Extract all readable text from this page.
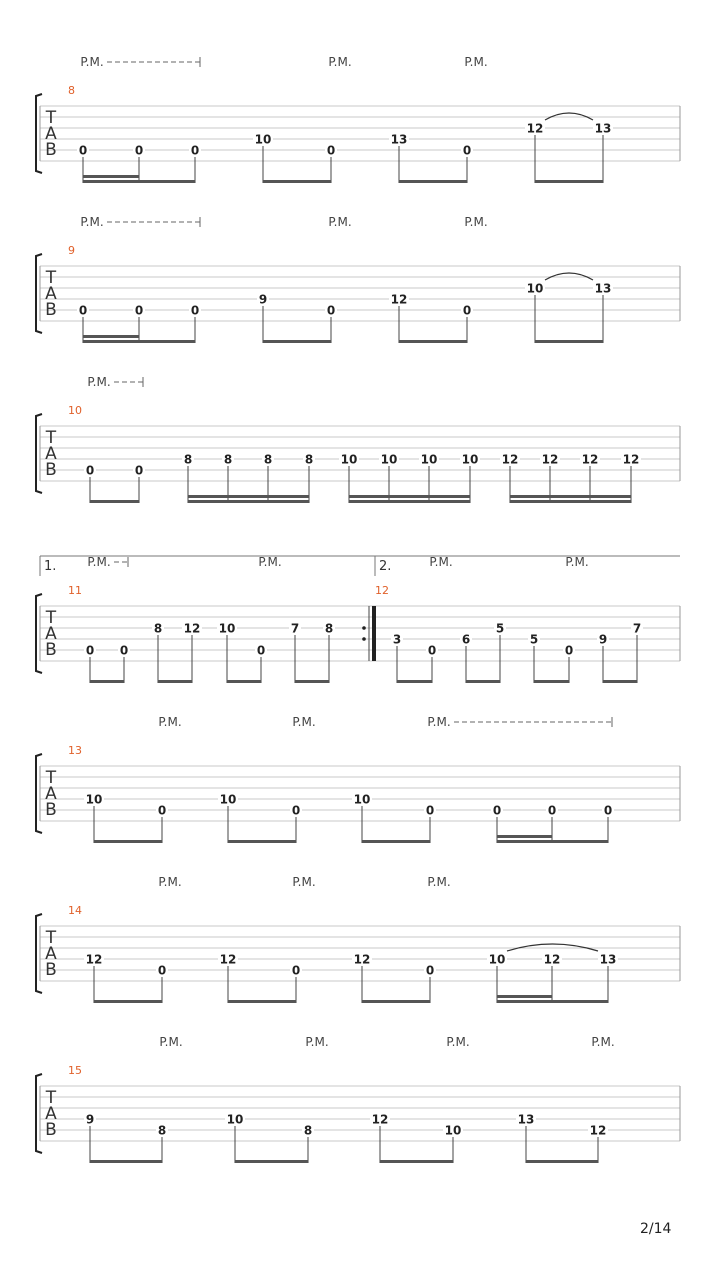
T
A
B
8
0	0	0
10
0
13
0
12	13
P.M.	P.M.	P.M.
T
A
B
9
0	0	0
9
0
12
0
10	13
P.M.	P.M.	P.M.
T
A
B
10
0	0
8	8	8	8 10 10 10 10 12 12 12 12
P.M.
T
A
B
11
0 0
8 12 10
0
7 8
3
0
6
5
5
0
9
7
P.M.	P.M.	P.M.	P.M.
1.	2.
12
T
A
B
13
10
0
10
0
10
0	0	0	0
P.M.	P.M.	P.M.
T
A
B
14
12
0
12
0
12
0
10	12	13
P.M.	P.M.	P.M.
T
A
B
15
9
8
10
8
12
10
13
12
P.M.	P.M.	P.M.	P.M.
2/14
